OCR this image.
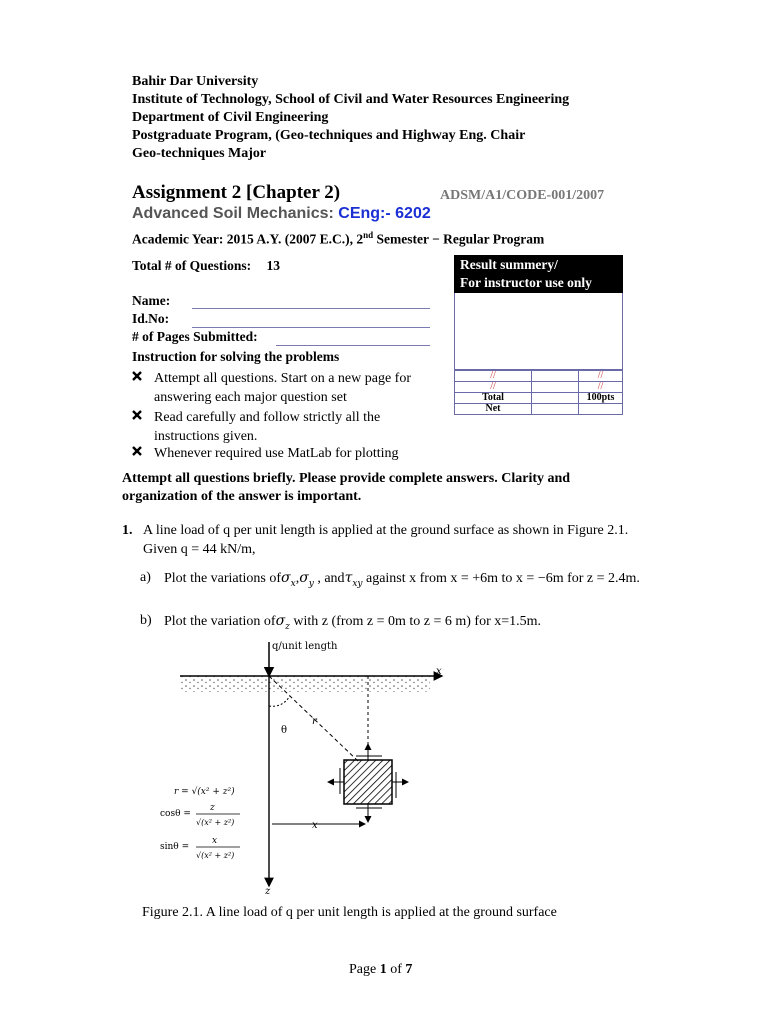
Bahir Dar University
Institute of Technology, School of Civil and Water Resources Engineering
Department of Civil Engineering
Postgraduate Program, (Geo-techniques and Highway Eng. Chair
Geo-techniques Major
Assignment 2 [Chapter 2)	ADSM/A1/CODE-001/2007
Advanced Soil Mechanics: CEng:- 6202
Academic Year: 2015 A.Y. (2007 E.C.), 2nd Semester − Regular Program
Total # of Questions: 13
Name:
Id.No:
# of Pages Submitted:
Instruction for solving the problems
Attempt all questions. Start on a new page for answering each major question set
Read carefully and follow strictly all the instructions given.
Whenever required use MatLab for plotting
Result summery/
For instructor use only
//		//
//		//
Total		100pts
Net		
Attempt all questions briefly. Please provide complete answers. Clarity and organization of the answer is important.
1. A line load of q per unit length is applied at the ground surface as shown in Figure 2.1. Given q = 44 kN/m,
a) Plot the variations $of\sigma_x,\sigma_y$ , andτ$_{xy}$ against x from x = +6m to x = −6m for z = 2.4m.
b) Plot the variation ofσ$_z$ with z (from z = 0m to z = 6 m) for x=1.5m.
x
q/unit length
z
r
θ
x
r = √(x² + z²)
cosθ =
z
√(x² + z²)
sinθ =
x
√(x² + z²)
Figure 2.1. A line load of q per unit length is applied at the ground surface
Page 1 of 7
